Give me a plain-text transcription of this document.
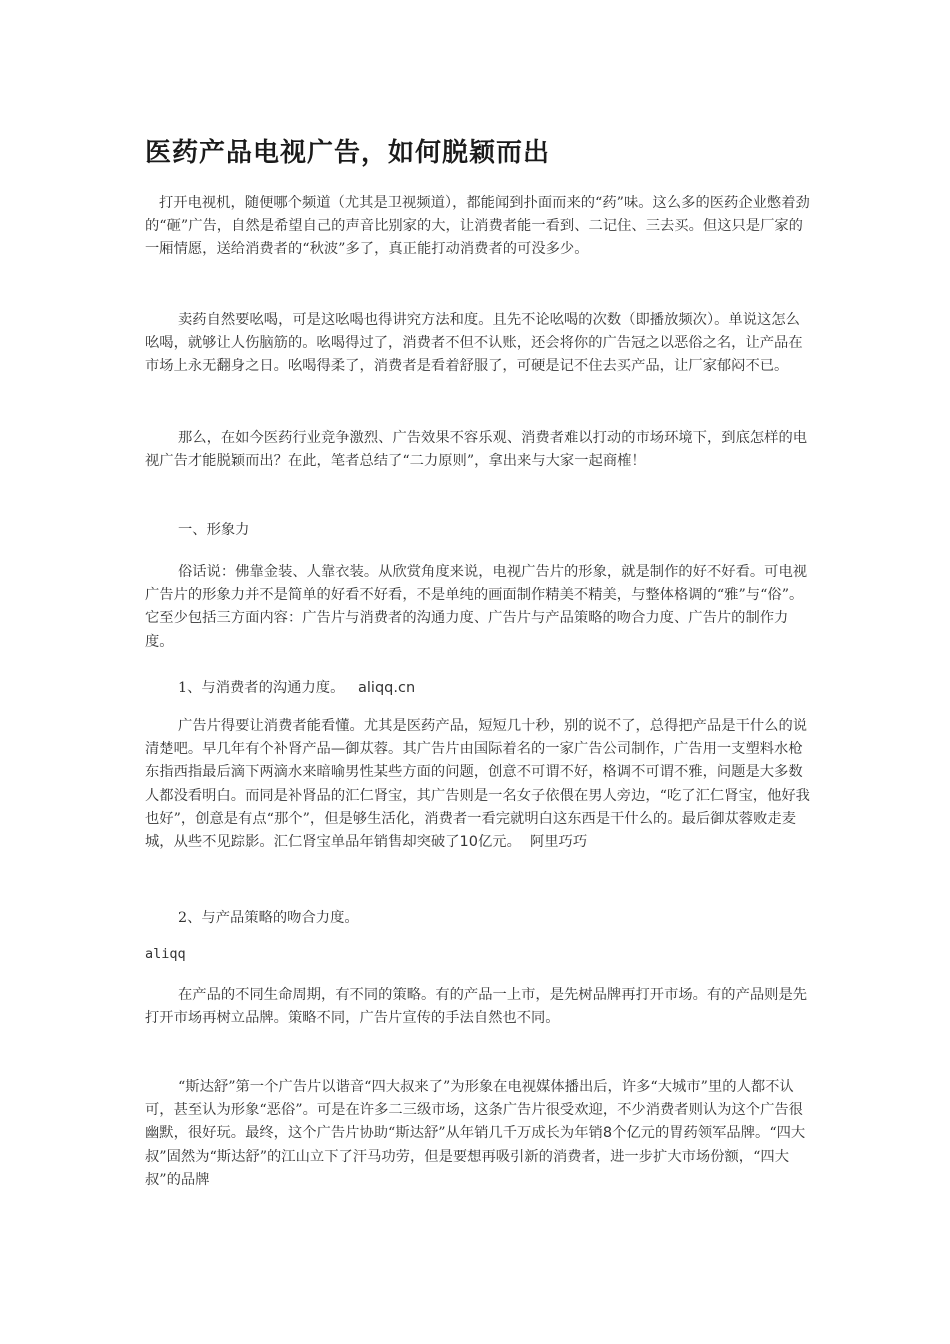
医药产品电视广告，如何脱颖而出

打开电视机，随便哪个频道（尤其是卫视频道），都能闻到扑面而来的“药”味。这么多的医药企业憋着劲的“砸”广告，自然是希望自己的声音比别家的大，让消费者能一看到、二记住、三去买。但这只是厂家的一厢情愿，送给消费者的“秋波”多了，真正能打动消费者的可没多少。

卖药自然要吆喝，可是这吆喝也得讲究方法和度。且先不论吆喝的次数（即播放频次）。单说这怎么吆喝，就够让人伤脑筋的。吆喝得过了，消费者不但不认账，还会将你的广告冠之以恶俗之名，让产品在市场上永无翻身之日。吆喝得柔了，消费者是看着舒服了，可硬是记不住去买产品，让厂家郁闷不已。

那么，在如今医药行业竞争激烈、广告效果不容乐观、消费者难以打动的市场环境下，到底怎样的电视广告才能脱颖而出？在此，笔者总结了“二力原则”，拿出来与大家一起商榷！

一、形象力

俗话说：佛靠金装、人靠衣装。从欣赏角度来说，电视广告片的形象，就是制作的好不好看。可电视广告片的形象力并不是简单的好看不好看，不是单纯的画面制作精美不精美，与整体格调的“雅”与“俗”。它至少包括三方面内容：广告片与消费者的沟通力度、广告片与产品策略的吻合力度、广告片的制作力度。

1、与消费者的沟通力度。 aliqq.cn

广告片得要让消费者能看懂。尤其是医药产品，短短几十秒，别的说不了，总得把产品是干什么的说清楚吧。早几年有个补肾产品—御苁蓉。其广告片由国际着名的一家广告公司制作，广告用一支塑料水枪东指西指最后滴下两滴水来暗喻男性某些方面的问题，创意不可谓不好，格调不可谓不雅，问题是大多数人都没看明白。而同是补肾品的汇仁肾宝，其广告则是一名女子依偎在男人旁边，“吃了汇仁肾宝，他好我也好”，创意是有点“那个”，但是够生活化，消费者一看完就明白这东西是干什么的。最后御苁蓉败走麦城，从些不见踪影。汇仁肾宝单品年销售却突破了10亿元。 阿里巧巧

2、与产品策略的吻合力度。

aliqq

在产品的不同生命周期，有不同的策略。有的产品一上市，是先树品牌再打开市场。有的产品则是先打开市场再树立品牌。策略不同，广告片宣传的手法自然也不同。

“斯达舒”第一个广告片以谐音“四大叔来了”为形象在电视媒体播出后，许多“大城市”里的人都不认可，甚至认为形象“恶俗”。可是在许多二三级市场，这条广告片很受欢迎，不少消费者则认为这个广告很幽默，很好玩。最终，这个广告片协助“斯达舒”从年销几千万成长为年销8个亿元的胃药领军品牌。“四大叔”固然为“斯达舒”的江山立下了汗马功劳，但是要想再吸引新的消费者，进一步扩大市场份额，“四大叔”的品牌
